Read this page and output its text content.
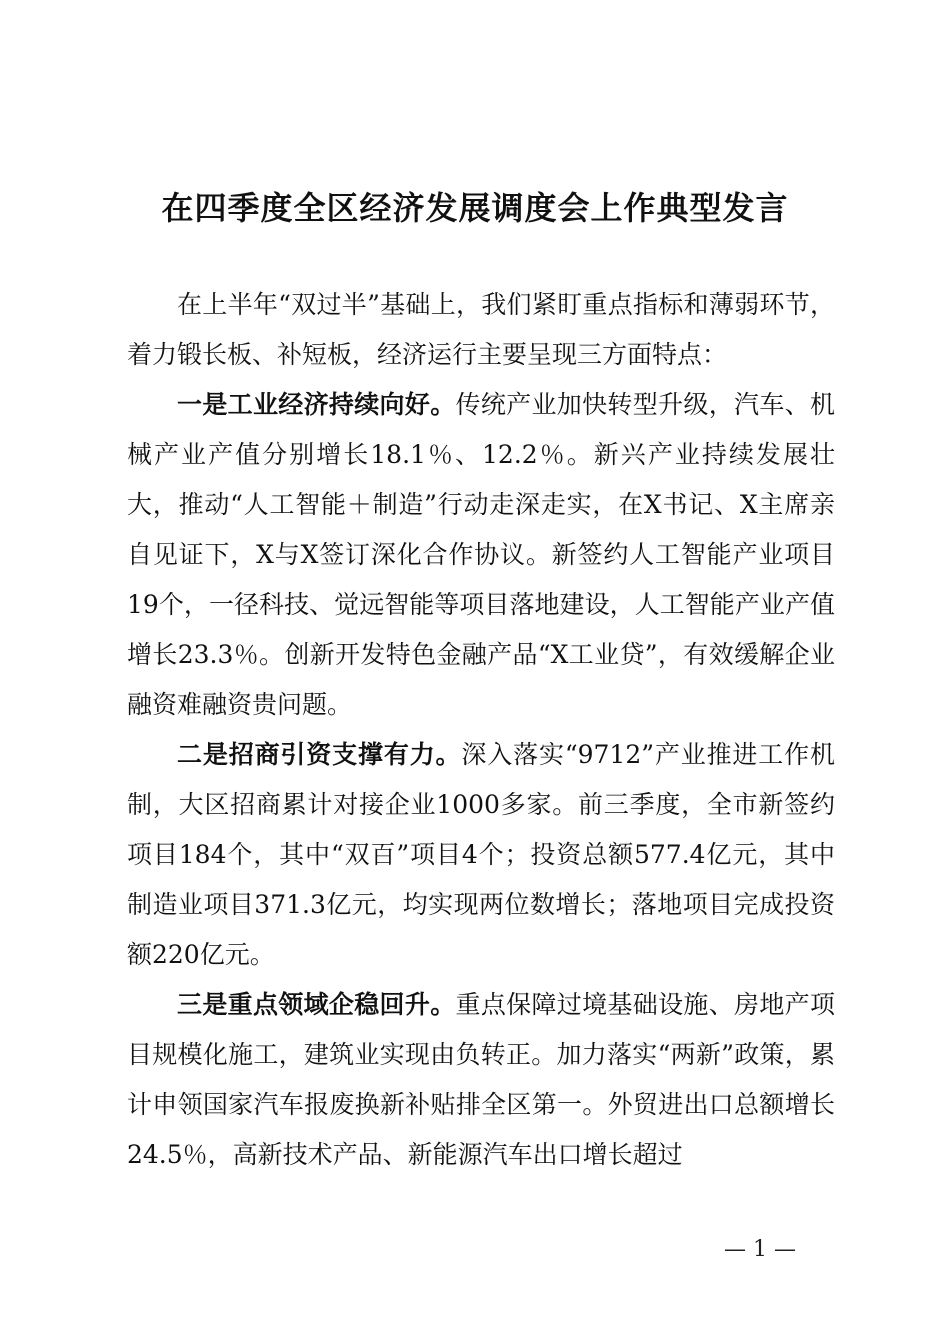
在四季度全区经济发展调度会上作典型发言

在上半年“双过半”基础上，我们紧盯重点指标和薄弱环节，着力锻长板、补短板，经济运行主要呈现三方面特点：

一是工业经济持续向好。传统产业加快转型升级，汽车、机械产业产值分别增长18.1％、12.2％。新兴产业持续发展壮大，推动“人工智能＋制造”行动走深走实，在X书记、X主席亲自见证下，X与X签订深化合作协议。新签约人工智能产业项目19个，一径科技、觉远智能等项目落地建设，人工智能产业产值增长23.3％。创新开发特色金融产品“X工业贷”，有效缓解企业融资难融资贵问题。

二是招商引资支撑有力。深入落实“9712”产业推进工作机制，大区招商累计对接企业1000多家。前三季度，全市新签约项目184个，其中“双百”项目4个；投资总额577.4亿元，其中制造业项目371.3亿元，均实现两位数增长；落地项目完成投资额220亿元。

三是重点领域企稳回升。重点保障过境基础设施、房地产项目规模化施工，建筑业实现由负转正。加力落实“两新”政策，累计申领国家汽车报废换新补贴排全区第一。外贸进出口总额增长24.5％，高新技术产品、新能源汽车出口增长超过

— 1 —
